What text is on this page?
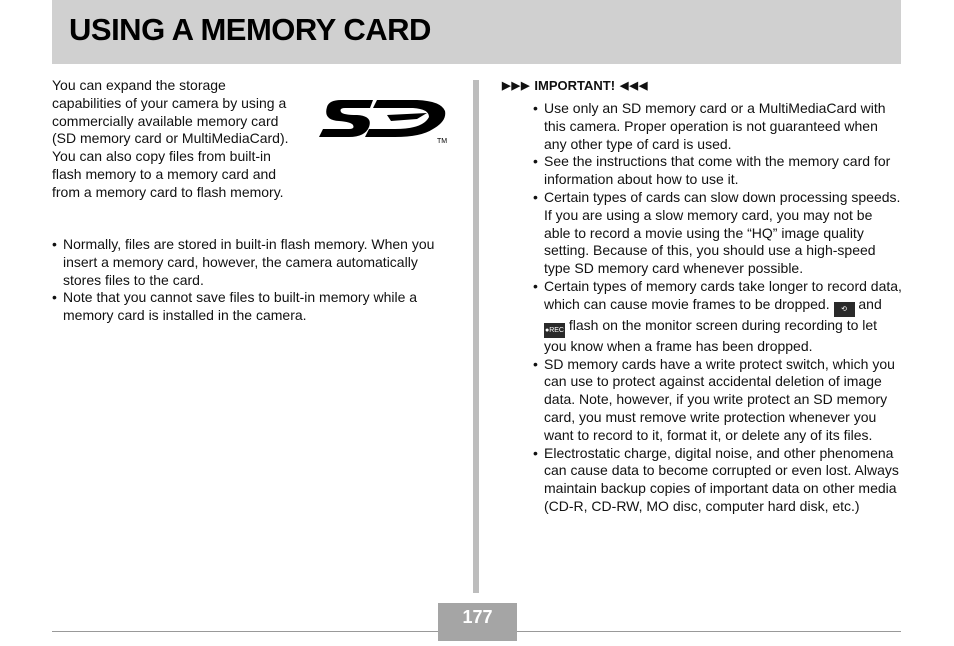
USING A MEMORY CARD

You can expand the storage capabilities of your camera by using a commercially available memory card (SD memory card or MultiMediaCard). You can also copy files from built-in flash memory to a memory card and from a memory card to flash memory.

TM
• Normally, files are stored in built-in flash memory. When you insert a memory card, however, the camera automatically stores files to the card.
• Note that you cannot save files to built-in memory while a memory card is installed in the camera.
▶ ▶ ▶ IMPORTANT! ◀ ◀ ◀
• Use only an SD memory card or a MultiMediaCard with this camera. Proper operation is not guaranteed when any other type of card is used.
• See the instructions that come with the memory card for information about how to use it.
• Certain types of cards can slow down processing speeds. If you are using a slow memory card, you may not be able to record a movie using the “HQ” image quality setting. Because of this, you should use a high-speed type SD memory card whenever possible.
• Certain types of memory cards take longer to record data, which can cause movie frames to be dropped. ⟲ and ●REC flash on the monitor screen during recording to let you know when a frame has been dropped.
• SD memory cards have a write protect switch, which you can use to protect against accidental deletion of image data. Note, however, if you write protect an SD memory card, you must remove write protection whenever you want to record to it, format it, or delete any of its files.
• Electrostatic charge, digital noise, and other phenomena can cause data to become corrupted or even lost. Always maintain backup copies of important data on other media (CD-R, CD-RW, MO disc, computer hard disk, etc.)
177
